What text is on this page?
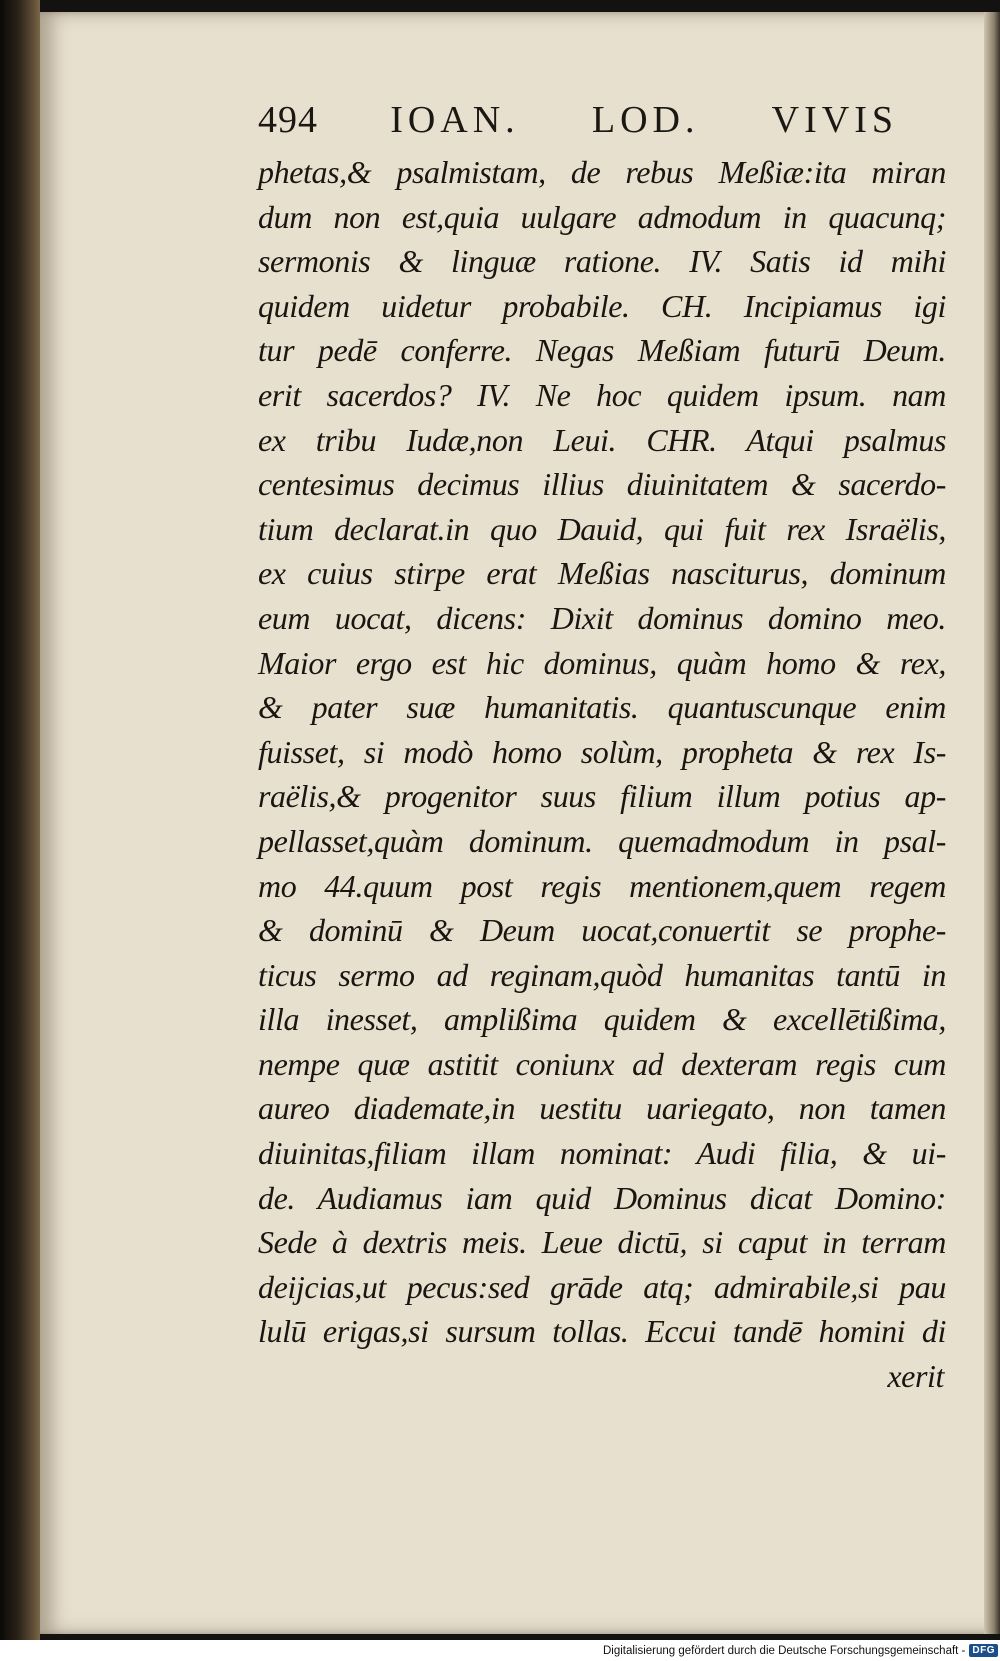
494 IOAN. LOD. VIVIS
phetas,& psalmistam, de rebus Meßiæ:ita miran
dum non est,quia uulgare admodum in quacunq;
sermonis & linguæ ratione. IV. Satis id mihi
quidem uidetur probabile. CH. Incipiamus igi
tur pedē conferre. Negas Meßiam futurū Deum.
erit sacerdos? IV. Ne hoc quidem ipsum. nam
ex tribu Iudæ,non Leui. CHR. Atqui psalmus
centesimus decimus illius diuinitatem & sacerdo-
tium declarat.in quo Dauid, qui fuit rex Israëlis,
ex cuius stirpe erat Meßias nasciturus, dominum
eum uocat, dicens: Dixit dominus domino meo.
Maior ergo est hic dominus, quàm homo & rex,
& pater suæ humanitatis. quantuscunque enim
fuisset, si modò homo solùm, propheta & rex Is-
raëlis,& progenitor suus filium illum potius ap-
pellasset,quàm dominum. quemadmodum in psal-
mo 44.quum post regis mentionem,quem regem
& dominū & Deum uocat,conuertit se prophe-
ticus sermo ad reginam,quòd humanitas tantū in
illa inesset, amplißima quidem & excellētißima,
nempe quæ astitit coniunx ad dexteram regis cum
aureo diademate,in uestitu uariegato, non tamen
diuinitas,filiam illam nominat: Audi filia, & ui-
de. Audiamus iam quid Dominus dicat Domino:
Sede à dextris meis. Leue dictū, si caput in terram
deijcias,ut pecus:sed grāde atq; admirabile,si pau
lulū erigas,si sursum tollas. Eccui tandē homini di
xerit
Digitalisierung gefördert durch die Deutsche Forschungsgemeinschaft - DFG
